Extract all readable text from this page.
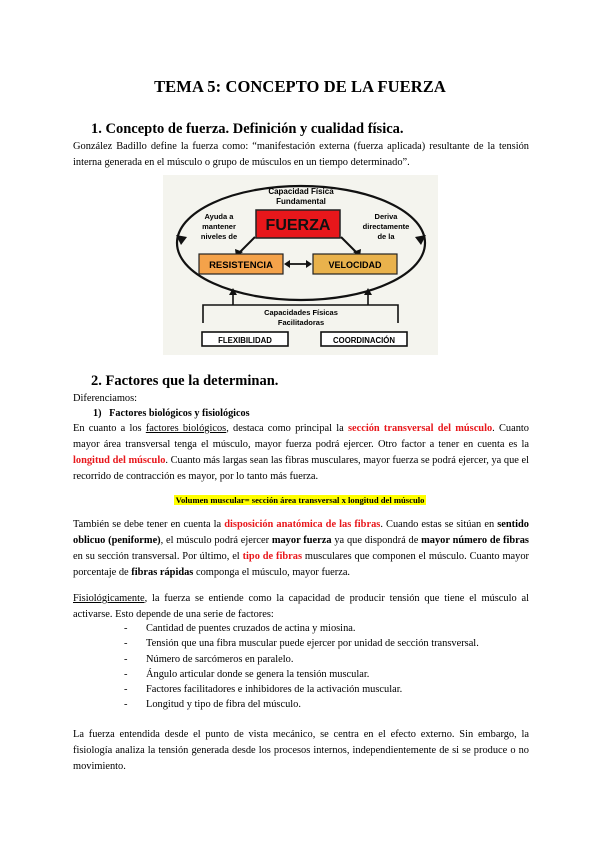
TEMA 5: CONCEPTO DE LA FUERZA
1. Concepto de fuerza. Definición y cualidad física.
González Badillo define la fuerza como: “manifestación externa (fuerza aplicada) resultante de la tensión interna generada en el músculo o grupo de músculos en un tiempo determinado”.
Capacidad Física
Fundamental
FUERZA
Ayuda a
mantener
niveles de
Deriva
directamente
de la
RESISTENCIA	VELOCIDAD
Capacidades Físicas
Facilitadoras
FLEXIBILIDAD	COORDINACIÓN
2. Factores que la determinan.
Diferenciamos:
1) Factores biológicos y fisiológicos
En cuanto a los factores biológicos, destaca como principal la sección transversal del músculo. Cuanto mayor área transversal tenga el músculo, mayor fuerza podrá ejercer. Otro factor a tener en cuenta es la longitud del músculo. Cuanto más largas sean las fibras musculares, mayor fuerza se podrá ejercer, ya que el recorrido de contracción es mayor, por lo tanto más fuerza.
Volumen muscular= sección área transversal x longitud del músculo
También se debe tener en cuenta la disposición anatómica de las fibras. Cuando estas se sitúan en sentido oblicuo (peniforme), el músculo podrá ejercer mayor fuerza ya que dispondrá de mayor número de fibras en su sección transversal. Por último, el tipo de fibras musculares que componen el músculo. Cuanto mayor porcentaje de fibras rápidas componga el músculo, mayor fuerza.
Fisiológicamente, la fuerza se entiende como la capacidad de producir tensión que tiene el músculo al activarse. Esto depende de una serie de factores:
- Cantidad de puentes cruzados de actina y miosina.
- Tensión que una fibra muscular puede ejercer por unidad de sección transversal.
- Número de sarcómeros en paralelo.
- Ángulo articular donde se genera la tensión muscular.
- Factores facilitadores e inhibidores de la activación muscular.
- Longitud y tipo de fibra del músculo.
La fuerza entendida desde el punto de vista mecánico, se centra en el efecto externo. Sin embargo, la fisiología analiza la tensión generada desde los procesos internos, independientemente de si se produce o no movimiento.
